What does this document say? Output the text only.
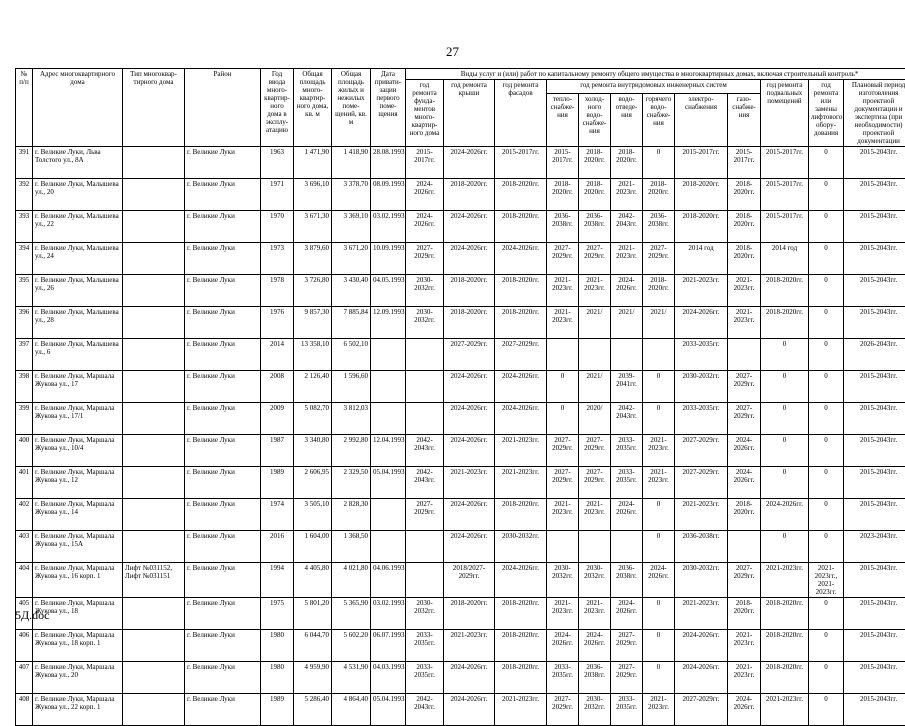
27
№ п/п	Адрес многоквартирного дома	Тип многоквар-тирного дома	Район	Год ввода много-квартир-ного дома в эксплу-атацию	Общая площадь много-квартир-ного дома, кв. м	Общая площадь жилых и нежилых поме-щений, кв. м	Дата привати-зации первого поме-щения	Виды услуг и (или) работ по капитальному ремонту общего имущества в многоквартирных домах, включая строительный контроль*											
								год ремонта фунда-ментов много-квартир-ного дома	год ремонта крыши	год ремонта фасадов	год ремонта внутридомовых инженерных систем						год ремонта подвальных помещений	год ремонта или замены лифтового обору-дования	Плановый период изготовления проектной документации и экспертиза (при необходимости) проектной документации
											тепло-снабже-ния	холод-ного водо-снабже-ния	водо-отведе-ния	горячего водо-снабже-ния	электро-снабжения	газо-снабже-ния			
391	г. Великие Луки, Льва Толстого ул., 8А		г. Великие Луки	1963	1 471,90	1 418,90	28.08.1993	2015-2017гг.	2024-2026гг.	2015-2017гг.	2015-2017гг.	2018-2020гг.	2018-2020гг.	0	2015-2017гг.	2015-2017гг.	2015-2017гг.	0	2015-2043гг.
392	г. Великие Луки, Малышева ул., 20		г. Великие Луки	1971	3 696,10	3 378,70	08.09.1993	2024-2026гг.	2018-2020гг.	2018-2020гг.	2018-2020гг.	2018-2020гг.	2021-2023гг.	2018-2020гг.	2018-2020гг.	2018-2020гг.	2015-2017гг.	0	2015-2043гг.
393	г. Великие Луки, Малышева ул., 22		г. Великие Луки	1970	3 671,30	3 369,10	03.02.1993	2024-2026гг.	2024-2026гг.	2018-2020гг.	2036-2038гг.	2036-2038гг.	2042-2043гг.	2036-2038гг.	2018-2020гг.	2018-2020гг.	2015-2017гг.	0	2015-2043гг.
394	г. Великие Луки, Малышева ул., 24		г. Великие Луки	1973	3 879,60	3 671,20	10.09.1993	2027-2029гг.	2024-2026гг.	2024-2026гг.	2027-2029гг.	2027-2029гг.	2021-2023гг.	2027-2029гг.	2014 год	2018-2020гг.	2014 год	0	2015-2043гг.
395	г. Великие Луки, Малышева ул., 26		г. Великие Луки	1978	3 726,80	3 430,40	04.05.1993	2030-2032гг.	2018-2020гг.	2018-2020гг.	2021-2023гг.	2021-2023гг.	2024-2026гг.	2018-2020гг.	2021-2023гг.	2021-2023гг.	2018-2020гг.	0	2015-2043гг.
396	г. Великие Луки, Малышева ул., 28		г. Великие Луки	1976	9 857,30	7 885,84	12.09.1993	2030-2032гг.	2018-2020гг.	2018-2020гг.	2021-2023гг.	2021/	2021/	2021/	2024-2026гг.	2021-2023гг.	2018-2020гг.	0	2015-2043гг.
397	г. Великие Луки, Малышева ул., 6		г. Великие Луки	2014	13 358,10	6 502,10			2027-2029гг.	2027-2029гг.					2033-2035гг.		0	0	2026-2043гг.
398	г. Великие Луки, Маршала Жукова ул., 17		г. Великие Луки	2008	2 126,40	1 596,60			2024-2026гг.	2024-2026гг.	0	2021/	2039-2041гг.	0	2030-2032гг.	2027-2029гг.	0	0	2015-2043гг.
399	г. Великие Луки, Маршала Жукова ул., 17/1		г. Великие Луки	2009	5 082,70	3 812,03			2024-2026гг.	2024-2026гг.	0	2020/	2042-2043гг.	0	2033-2035гг.	2027-2029гг.	0	0	2015-2043гг.
400	г. Великие Луки, Маршала Жукова ул., 10/4		г. Великие Луки	1987	3 340,80	2 992,80	12.04.1993	2042-2043гг.	2024-2026гг.	2021-2023гг.	2027-2029гг.	2027-2029гг.	2033-2035гг.	2021-2023гг.	2027-2029гг.	2024-2026гг.	0	0	2015-2043гг.
401	г. Великие Луки, Маршала Жукова ул., 12		г. Великие Луки	1989	2 606,95	2 329,50	05.04.1993	2042-2043гг.	2021-2023гг.	2021-2023гг.	2027-2029гг.	2027-2029гг.	2033-2035гг.	2021-2023гг.	2027-2029гг.	2024-2026гг.	0	0	2015-2043гг.
402	г. Великие Луки, Маршала Жукова ул., 14		г. Великие Луки	1974	3 505,10	2 828,30		2027-2029гг.	2024-2026гг.	2018-2020гг.	2021-2023гг.	2021-2023гг.	2024-2026гг.	0	2021-2023гг.	2018-2020гг.	2024-2026гг.	0	2015-2043гг.
403	г. Великие Луки, Маршала Жукова ул., 15А		г. Великие Луки	2016	1 604,00	1 368,50			2024-2026гг.	2030-2032гг.				0	2036-2038гг.		0	0	2023-2043гг.
404	г. Великие Луки, Маршала Жукова ул., 16 корп. 1	Лифт №031152, Лифт №031151	г. Великие Луки	1994	4 405,80	4 021,80	04.06.1993		2018/2027-2029гг.	2024-2026гг.	2030-2032гг.	2030-2032гг.	2036-2038гг.	2024-2026гг.	2030-2032гг.	2027-2029гг.	2021-2023гг.	2021-2023гг., 2021-2023гг.	2015-2043гг.
405	г. Великие Луки, Маршала Жукова ул., 18		г. Великие Луки	1975	5 801,20	5 365,90	03.02.1993	2030-2032гг.	2018-2020гг.	2018-2020гг.	2021-2023гг.	2021-2023гг.	2024-2026гг.	0	2021-2023гг.	2018-2020гг.	2018-2020гг.	0	2015-2043гг.
406	г. Великие Луки, Маршала Жукова ул., 18 корп. 1		г. Великие Луки	1980	6 044,70	5 602,20	06.07.1993	2033-2035гг.	2021-2023гг.	2018-2020гг.	2024-2026гг.	2024-2026гг.	2027-2029гг.	0	2024-2026гг.	2021-2023гг.	2018-2020гг.	0	2015-2043гг.
407	г. Великие Луки, Маршала Жукова ул., 20		г. Великие Луки	1980	4 959,90	4 531,90	04.03.1993	2033-2035гг.	2024-2026гг.	2018-2020гг.	2033-2035гг.	2036-2038гг.	2027-2029гг.	0	2024-2026гг.	2021-2023гг.	2018-2020гг.	0	2015-2043гг.
408	г. Великие Луки, Маршала Жукова ул., 22 корп. 1		г. Великие Луки	1989	5 286,40	4 864,40	05.04.1993	2042-2043гг.	2024-2026гг.	2021-2023гг.	2027-2029гг.	2030-2032гг.	2033-2035гг.	2021-2023гг.	2027-2029гг.	2024-2026гг.	2021-2023гг.	0	2015-2043гг.
5Д.doc
